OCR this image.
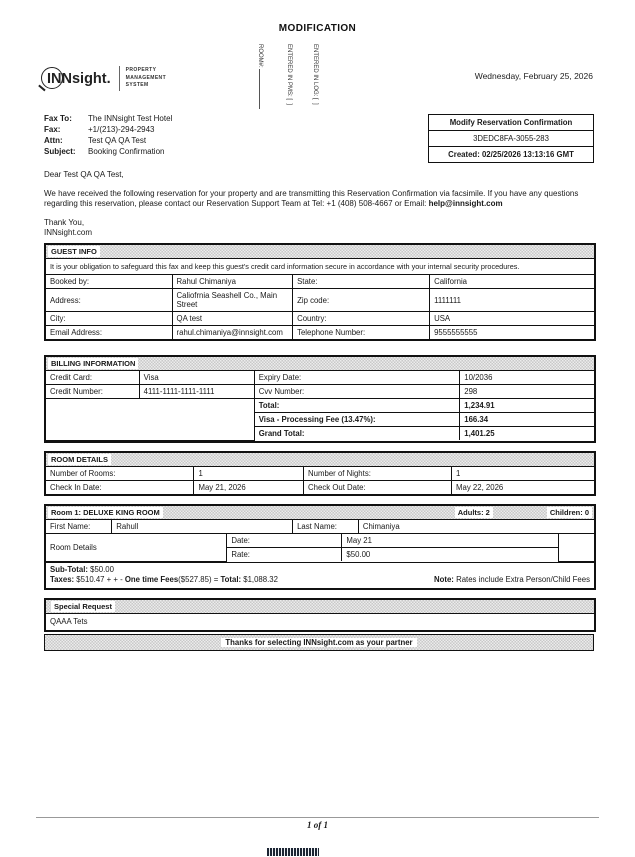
MODIFICATION
INNsight.
PROPERTY
MANAGEMENT
SYSTEM
ROOM#:	ENTERED IN PMS: [  ]	ENTERED IN LOG: [  ]	Wednesday, February 25, 2026
Fax To: The INNsight Test Hotel
Fax:	+1/(213)-294-2943
Attn:	Test QA QA Test
Subject: Booking Confirmation
Modify Reservation Confirmation
3DEDC8FA-3055-283
Created: 02/25/2026 13:13:16 GMT
Dear Test QA QA Test,
We have received the following reservation for your property and are transmitting this Reservation Confirmation via facsimile. If you have any questions regarding this reservation, please contact our Reservation Support Team at Tel: +1 (408) 508-4667 or Email: help@innsight.com
Thank You,
INNsight.com
GUEST INFO
It is your obligation to safeguard this fax and keep this guest's credit card information secure in accordance with your internal security procedures.
Booked by:	Rahul Chimaniya	State:	California
Address:	Caliofrnia Seashell Co., Main Street	Zip code:	1111111
City:	QA test	Country:	USA
Email Address:	rahul.chimaniya@innsight.com	Telephone Number:	9555555555
BILLING INFORMATION
Credit Card:	Visa	Expiry Date:	10/2036
Credit Number:	4111-1111-1111-1111	Cvv Number:	298
		Total:	1,234.91
		Visa - Processing Fee (13.47%):	166.34
		Grand Total:	1,401.25
ROOM DETAILS
Number of Rooms:	1	Number of Nights:	1
Check In Date:	May 21, 2026	Check Out Date:	May 22, 2026
Room 1: DELUXE KING ROOM	Adults: 2	Children: 0
First Name:	Rahull	Last Name:	Chimaniya
Room Details	Date:	May 21	
	Rate:	$50.00	
Sub-Total: $50.00
Note: Rates include Extra Person/Child Fees
Taxes: $510.47 + + - One time Fees($527.85) = Total: $1,088.32
Special Request
QAAA Tets
Thanks for selecting INNsight.com as your partner
1 of 1
